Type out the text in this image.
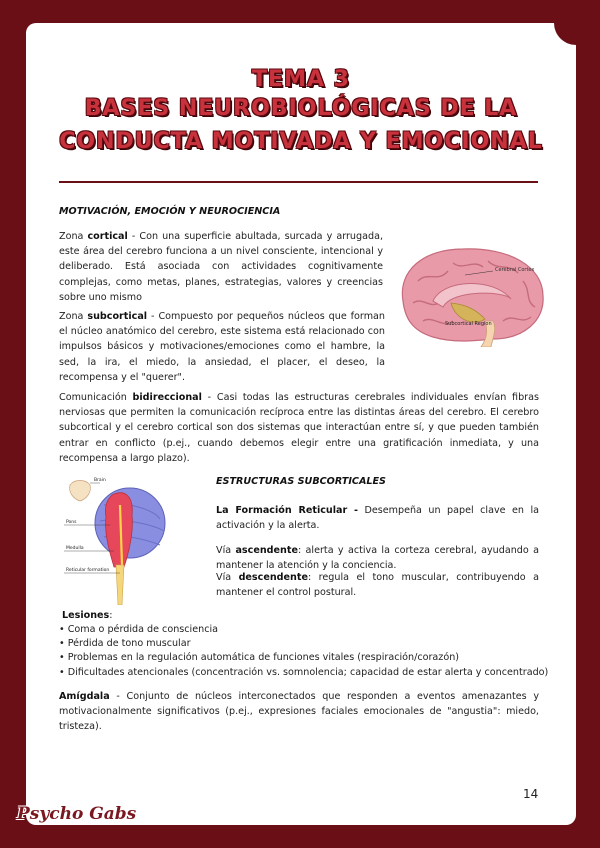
TEMA 3
BASES NEUROBIOLÓGICAS DE LA
CONDUCTA MOTIVADA Y EMOCIONAL
MOTIVACIÓN, EMOCIÓN Y NEUROCIENCIA
Zona cortical - Con una superficie abultada, surcada y arrugada, este área del cerebro funciona a un nivel consciente, intencional y deliberado. Está asociada con actividades cognitivamente complejas, como metas, planes, estrategias, valores y creencias sobre uno mismo
Cerebral Cortex
Subcortical Region
Zona subcortical - Compuesto por pequeños núcleos que forman el núcleo anatómico del cerebro, este sistema está relacionado con impulsos básicos y motivaciones/emociones como el hambre, la sed, la ira, el miedo, la ansiedad, el placer, el deseo, la recompensa y el "querer".
Comunicación bidireccional - Casi todas las estructuras cerebrales individuales envían fibras nerviosas que permiten la comunicación recíproca entre las distintas áreas del cerebro. El cerebro subcortical y el cerebro cortical son dos sistemas que interactúan entre sí, y que pueden también entrar en conflicto (p.ej., cuando debemos elegir entre una gratificación inmediata, y una recompensa a largo plazo).
Brain
Pons
Medulla
Reticular formation
ESTRUCTURAS SUBCORTICALES
La Formación Reticular - Desempeña un papel clave en la activación y la alerta.
Vía ascendente: alerta y activa la corteza cerebral, ayudando a mantener la atención y la conciencia.
Vía descendente: regula el tono muscular, contribuyendo a mantener el control postural.
Lesiones:
• Coma o pérdida de consciencia
• Pérdida de tono muscular
• Problemas en la regulación automática de funciones vitales (respiración/corazón)
• Dificultades atencionales (concentración vs. somnolencia; capacidad de estar alerta y concentrado)
Amígdala - Conjunto de núcleos interconectados que responden a eventos amenazantes y motivacionalmente significativos (p.ej., expresiones faciales emocionales de "angustia": miedo, tristeza).
14
Psycho Gabs
